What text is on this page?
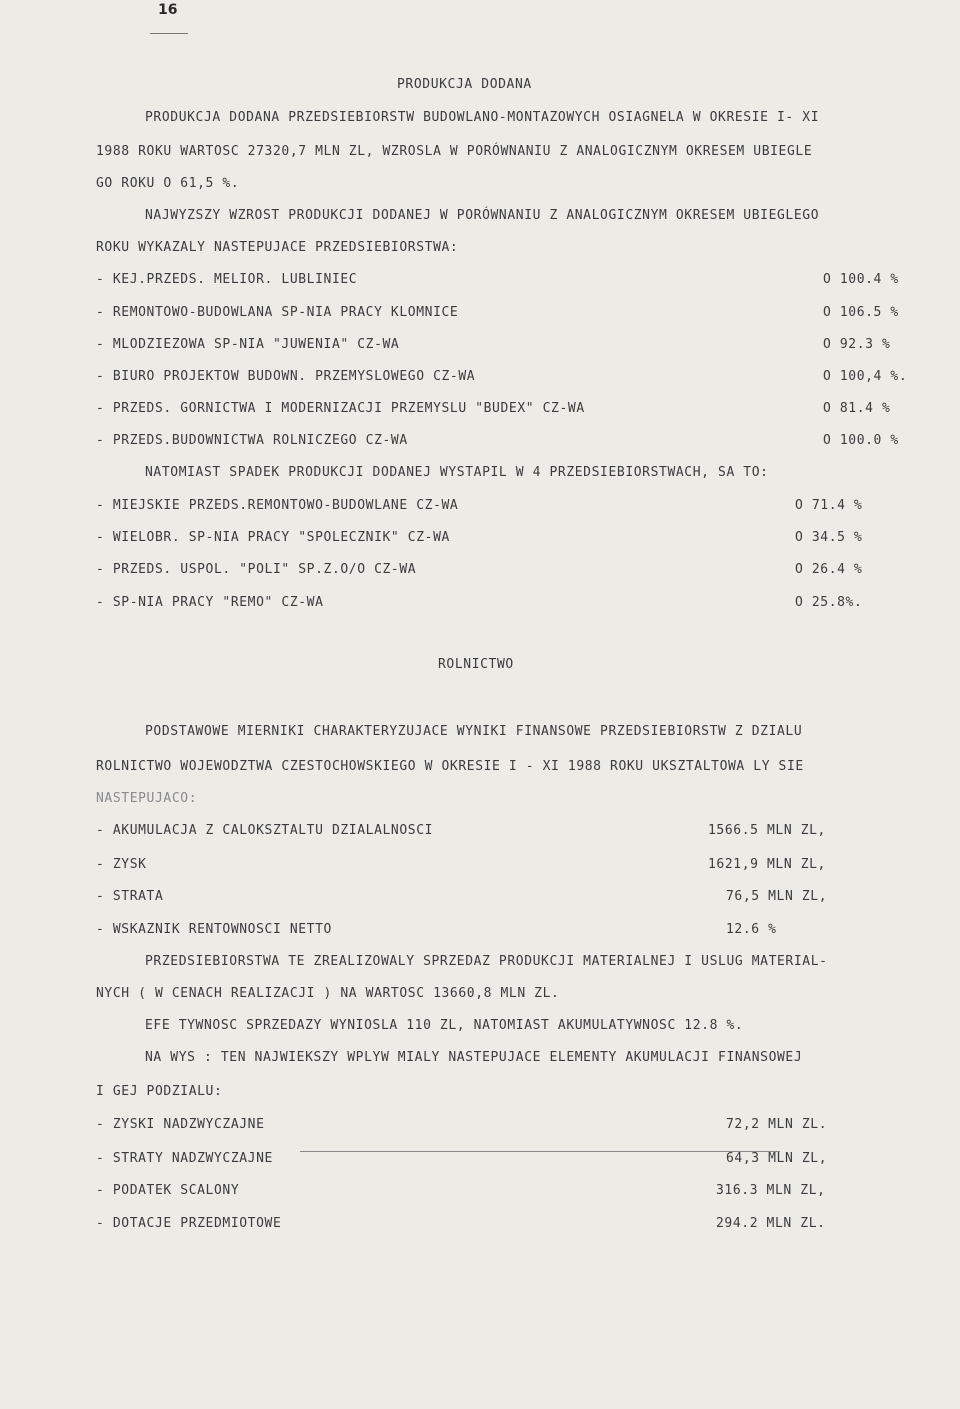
16
PRODUKCJA DODANA
PRODUKCJA DODANA PRZEDSIEBIORSTW BUDOWLANO-MONTAZOWYCH OSIAGNELA W OKRESIE I- XI
1988 ROKU WARTOSC 27320,7 MLN ZL, WZROSLA W PORÓWNANIU Z ANALOGICZNYM OKRESEM UBIEGLE
GO ROKU O 61,5 %.
NAJWYZSZY WZROST PRODUKCJI DODANEJ W PORÓWNANIU Z ANALOGICZNYM OKRESEM UBIEGLEGO
ROKU WYKAZALY NASTEPUJACE PRZEDSIEBIORSTWA:
- KEJ.PRZEDS. MELIOR. LUBLINIEC	O 100.4 %
- REMONTOWO-BUDOWLANA SP-NIA PRACY KLOMNICE	O 106.5 %
- MLODZIEZOWA SP-NIA "JUWENIA" CZ-WA	O 92.3 %
- BIURO PROJEKTOW BUDOWN. PRZEMYSLOWEGO CZ-WA	O 100,4 %.
- PRZEDS. GORNICTWA I MODERNIZACJI PRZEMYSLU "BUDEX" CZ-WA	O 81.4 %
- PRZEDS.BUDOWNICTWA ROLNICZEGO CZ-WA	O 100.0 %
NATOMIAST SPADEK PRODUKCJI DODANEJ WYSTAPIL W 4 PRZEDSIEBIORSTWACH, SA TO:
- MIEJSKIE PRZEDS.REMONTOWO-BUDOWLANE CZ-WA	O 71.4 %
- WIELOBR. SP-NIA PRACY "SPOLECZNIK" CZ-WA	O 34.5 %
- PRZEDS. USPOL. "POLI" SP.Z.O/O CZ-WA	O 26.4 %
- SP-NIA PRACY "REMO" CZ-WA	O 25.8%.
ROLNICTWO
PODSTAWOWE MIERNIKI CHARAKTERYZUJACE WYNIKI FINANSOWE PRZEDSIEBIORSTW Z DZIALU
ROLNICTWO WOJEWODZTWA CZESTOCHOWSKIEGO W OKRESIE I - XI 1988 ROKU UKSZTALTOWA LY SIE
NASTEPUJACO:
- AKUMULACJA Z CALOKSZTALTU DZIALALNOSCI	1566.5 MLN ZL,
- ZYSK	1621,9 MLN ZL,
- STRATA	76,5 MLN ZL,
- WSKAZNIK RENTOWNOSCI NETTO	12.6 %
PRZEDSIEBIORSTWA TE ZREALIZOWALY SPRZEDAZ PRODUKCJI MATERIALNEJ I USLUG MATERIAL-
NYCH ( W CENACH REALIZACJI ) NA WARTOSC 13660,8 MLN ZL.
EFE TYWNOSC SPRZEDAZY WYNIOSLA 110 ZL, NATOMIAST AKUMULATYWNOSC 12.8 %.
NA WYS : TEN NAJWIEKSZY WPLYW MIALY NASTEPUJACE ELEMENTY AKUMULACJI FINANSOWEJ
I GEJ PODZIALU:
- ZYSKI NADZWYCZAJNE	72,2 MLN ZL.
- STRATY NADZWYCZAJNE	64,3 MLN ZL,
- PODATEK SCALONY	316.3 MLN ZL,
- DOTACJE PRZEDMIOTOWE	294.2 MLN ZL.
